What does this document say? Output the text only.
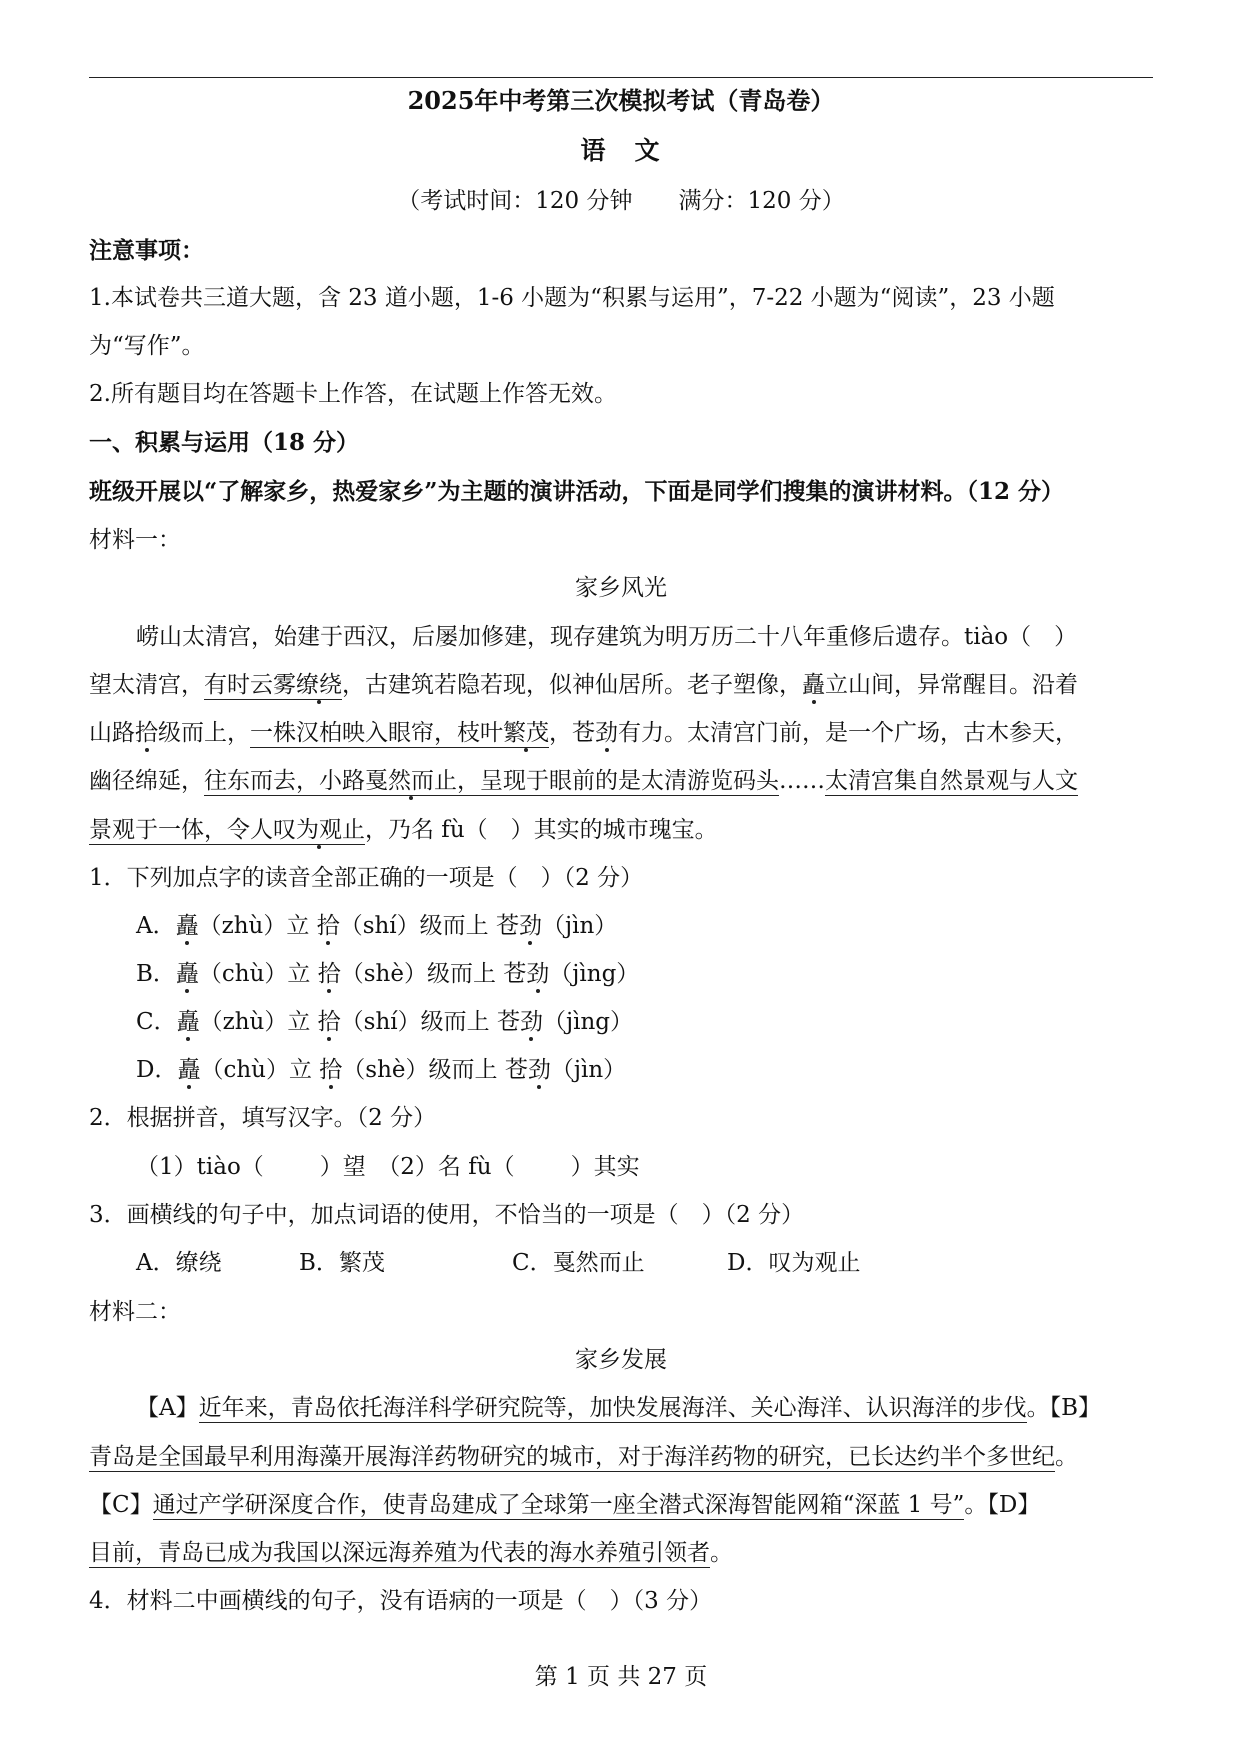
2025年中考第三次模拟考试（青岛卷）
语　文
（考试时间：120 分钟　　满分：120 分）
注意事项：
1.本试卷共三道大题，含 23 道小题，1-6 小题为“积累与运用”，7-22 小题为“阅读”，23 小题
为“写作”。
2.所有题目均在答题卡上作答，在试题上作答无效。
一、积累与运用（18 分）
班级开展以“了解家乡，热爱家乡”为主题的演讲活动，下面是同学们搜集的演讲材料。（12 分）
材料一：
家乡风光
崂山太清宫，始建于西汉，后屡加修建，现存建筑为明万历二十八年重修后遗存。tiào（　）
望太清宫，有时云雾缭绕，古建筑若隐若现，似神仙居所。老子塑像，矗立山间，异常醒目。沿着
山路拾级而上，一株汉柏映入眼帘，枝叶繁茂，苍劲有力。太清宫门前，是一个广场，古木参天，
幽径绵延，往东而去，小路戛然而止，呈现于眼前的是太清游览码头……太清宫集自然景观与人文
景观于一体，令人叹为观止，乃名 fù（　）其实的城市瑰宝。
1．下列加点字的读音全部正确的一项是（　）（2 分）
A．矗（zhù）立 拾（shí）级而上 苍劲（jìn）
B．矗（chù）立 拾（shè）级而上 苍劲（jìng）
C．矗（zhù）立 拾（shí）级而上 苍劲（jìng）
D．矗（chù）立 拾（shè）级而上 苍劲（jìn）
2．根据拼音，填写汉字。（2 分）
（1）tiào（ ）望　（2）名 fù（ ）其实
3．画横线的句子中，加点词语的使用，不恰当的一项是（　）（2 分）
A．缭绕	B．繁茂	C．戛然而止	D．叹为观止
材料二：
家乡发展
【A】近年来，青岛依托海洋科学研究院等，加快发展海洋、关心海洋、认识海洋的步伐。【B】
青岛是全国最早利用海藻开展海洋药物研究的城市，对于海洋药物的研究，已长达约半个多世纪。
【C】通过产学研深度合作，使青岛建成了全球第一座全潜式深海智能网箱“深蓝 1 号”。【D】
目前，青岛已成为我国以深远海养殖为代表的海水养殖引领者。
4．材料二中画横线的句子，没有语病的一项是（　）（3 分）
第 1 页 共 27 页
